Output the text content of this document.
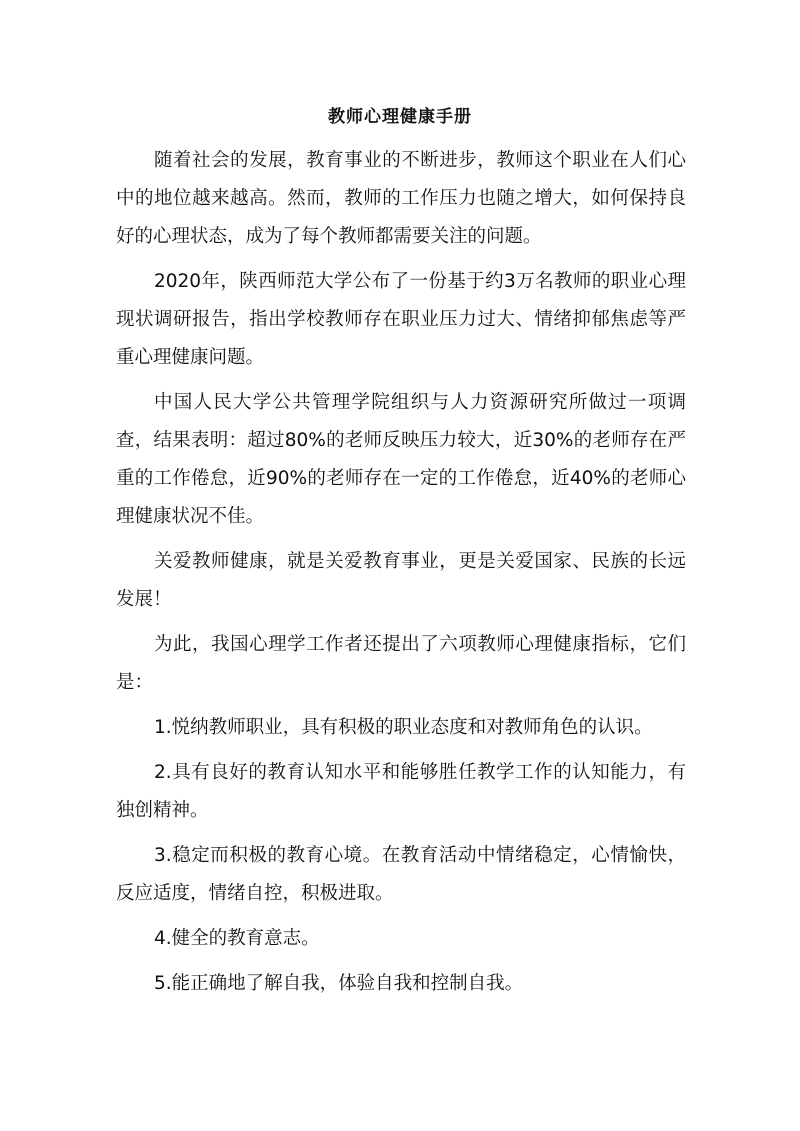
教师心理健康手册

随着社会的发展，教育事业的不断进步，教师这个职业在人们心中的地位越来越高。然而，教师的工作压力也随之增大，如何保持良好的心理状态，成为了每个教师都需要关注的问题。

2020年，陕西师范大学公布了一份基于约3万名教师的职业心理现状调研报告，指出学校教师存在职业压力过大、情绪抑郁焦虑等严重心理健康问题。

中国人民大学公共管理学院组织与人力资源研究所做过一项调查，结果表明：超过80%的老师反映压力较大，近30%的老师存在严重的工作倦怠，近90%的老师存在一定的工作倦怠，近40%的老师心理健康状况不佳。

关爱教师健康，就是关爱教育事业，更是关爱国家、民族的长远发展！

为此，我国心理学工作者还提出了六项教师心理健康指标，它们是：

1.悦纳教师职业，具有积极的职业态度和对教师角色的认识。

2.具有良好的教育认知水平和能够胜任教学工作的认知能力，有独创精神。

3.稳定而积极的教育心境。在教育活动中情绪稳定，心情愉快，反应适度，情绪自控，积极进取。

4.健全的教育意志。

5.能正确地了解自我，体验自我和控制自我。
